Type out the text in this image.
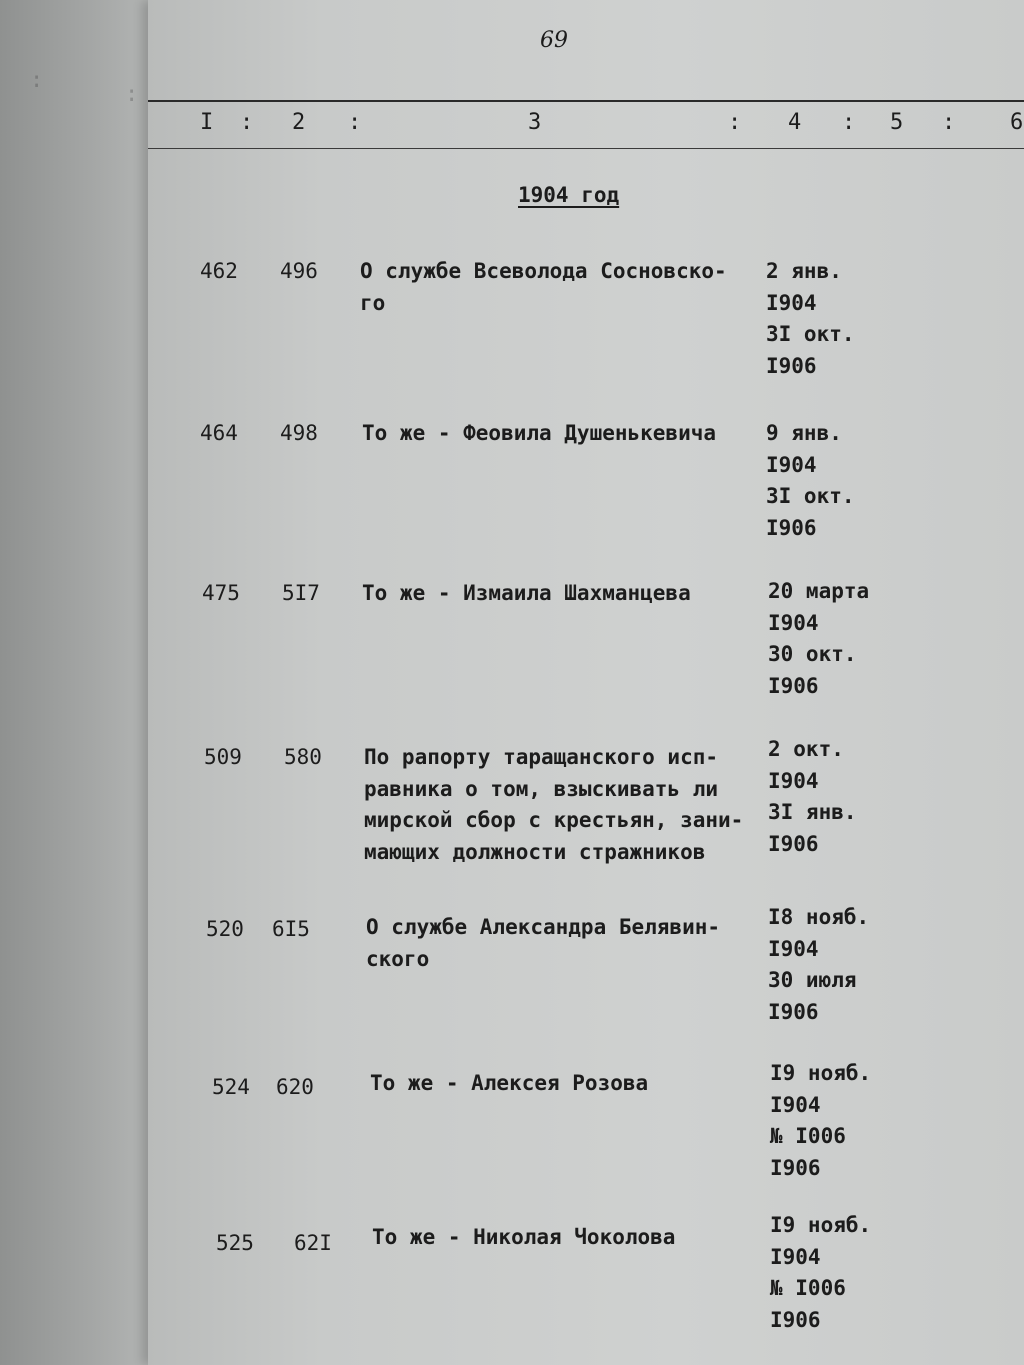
:
:
69
I : 2 :	3	: 4 : 5 : 6
1904 год
462 496 О службе Всеволода Сосновско-
го
2 янв.
I904
3I окт.
I906
464 498 То же - Феовила Душенькевича 9 янв.
I904
3I окт.
I906
475 5I7 То же - Измаила Шахманцева	20 марта
I904
30 окт.
I906
509 580 По рапорту таращанского исп-
равника о том, взыскивать ли
мирской сбор с крестьян, зани-
мающих должности стражников
2 окт.
I904
3I янв.
I906
520 6I5	О службе Александра Белявин-
ского
I8 нояб.
I904
30 июля
I906
524 620	То же - Алексея Розова	I9 нояб.
I904
№ I006
I906
525 62I То же - Николая Чоколова	I9 нояб.
I904
№ I006
I906
